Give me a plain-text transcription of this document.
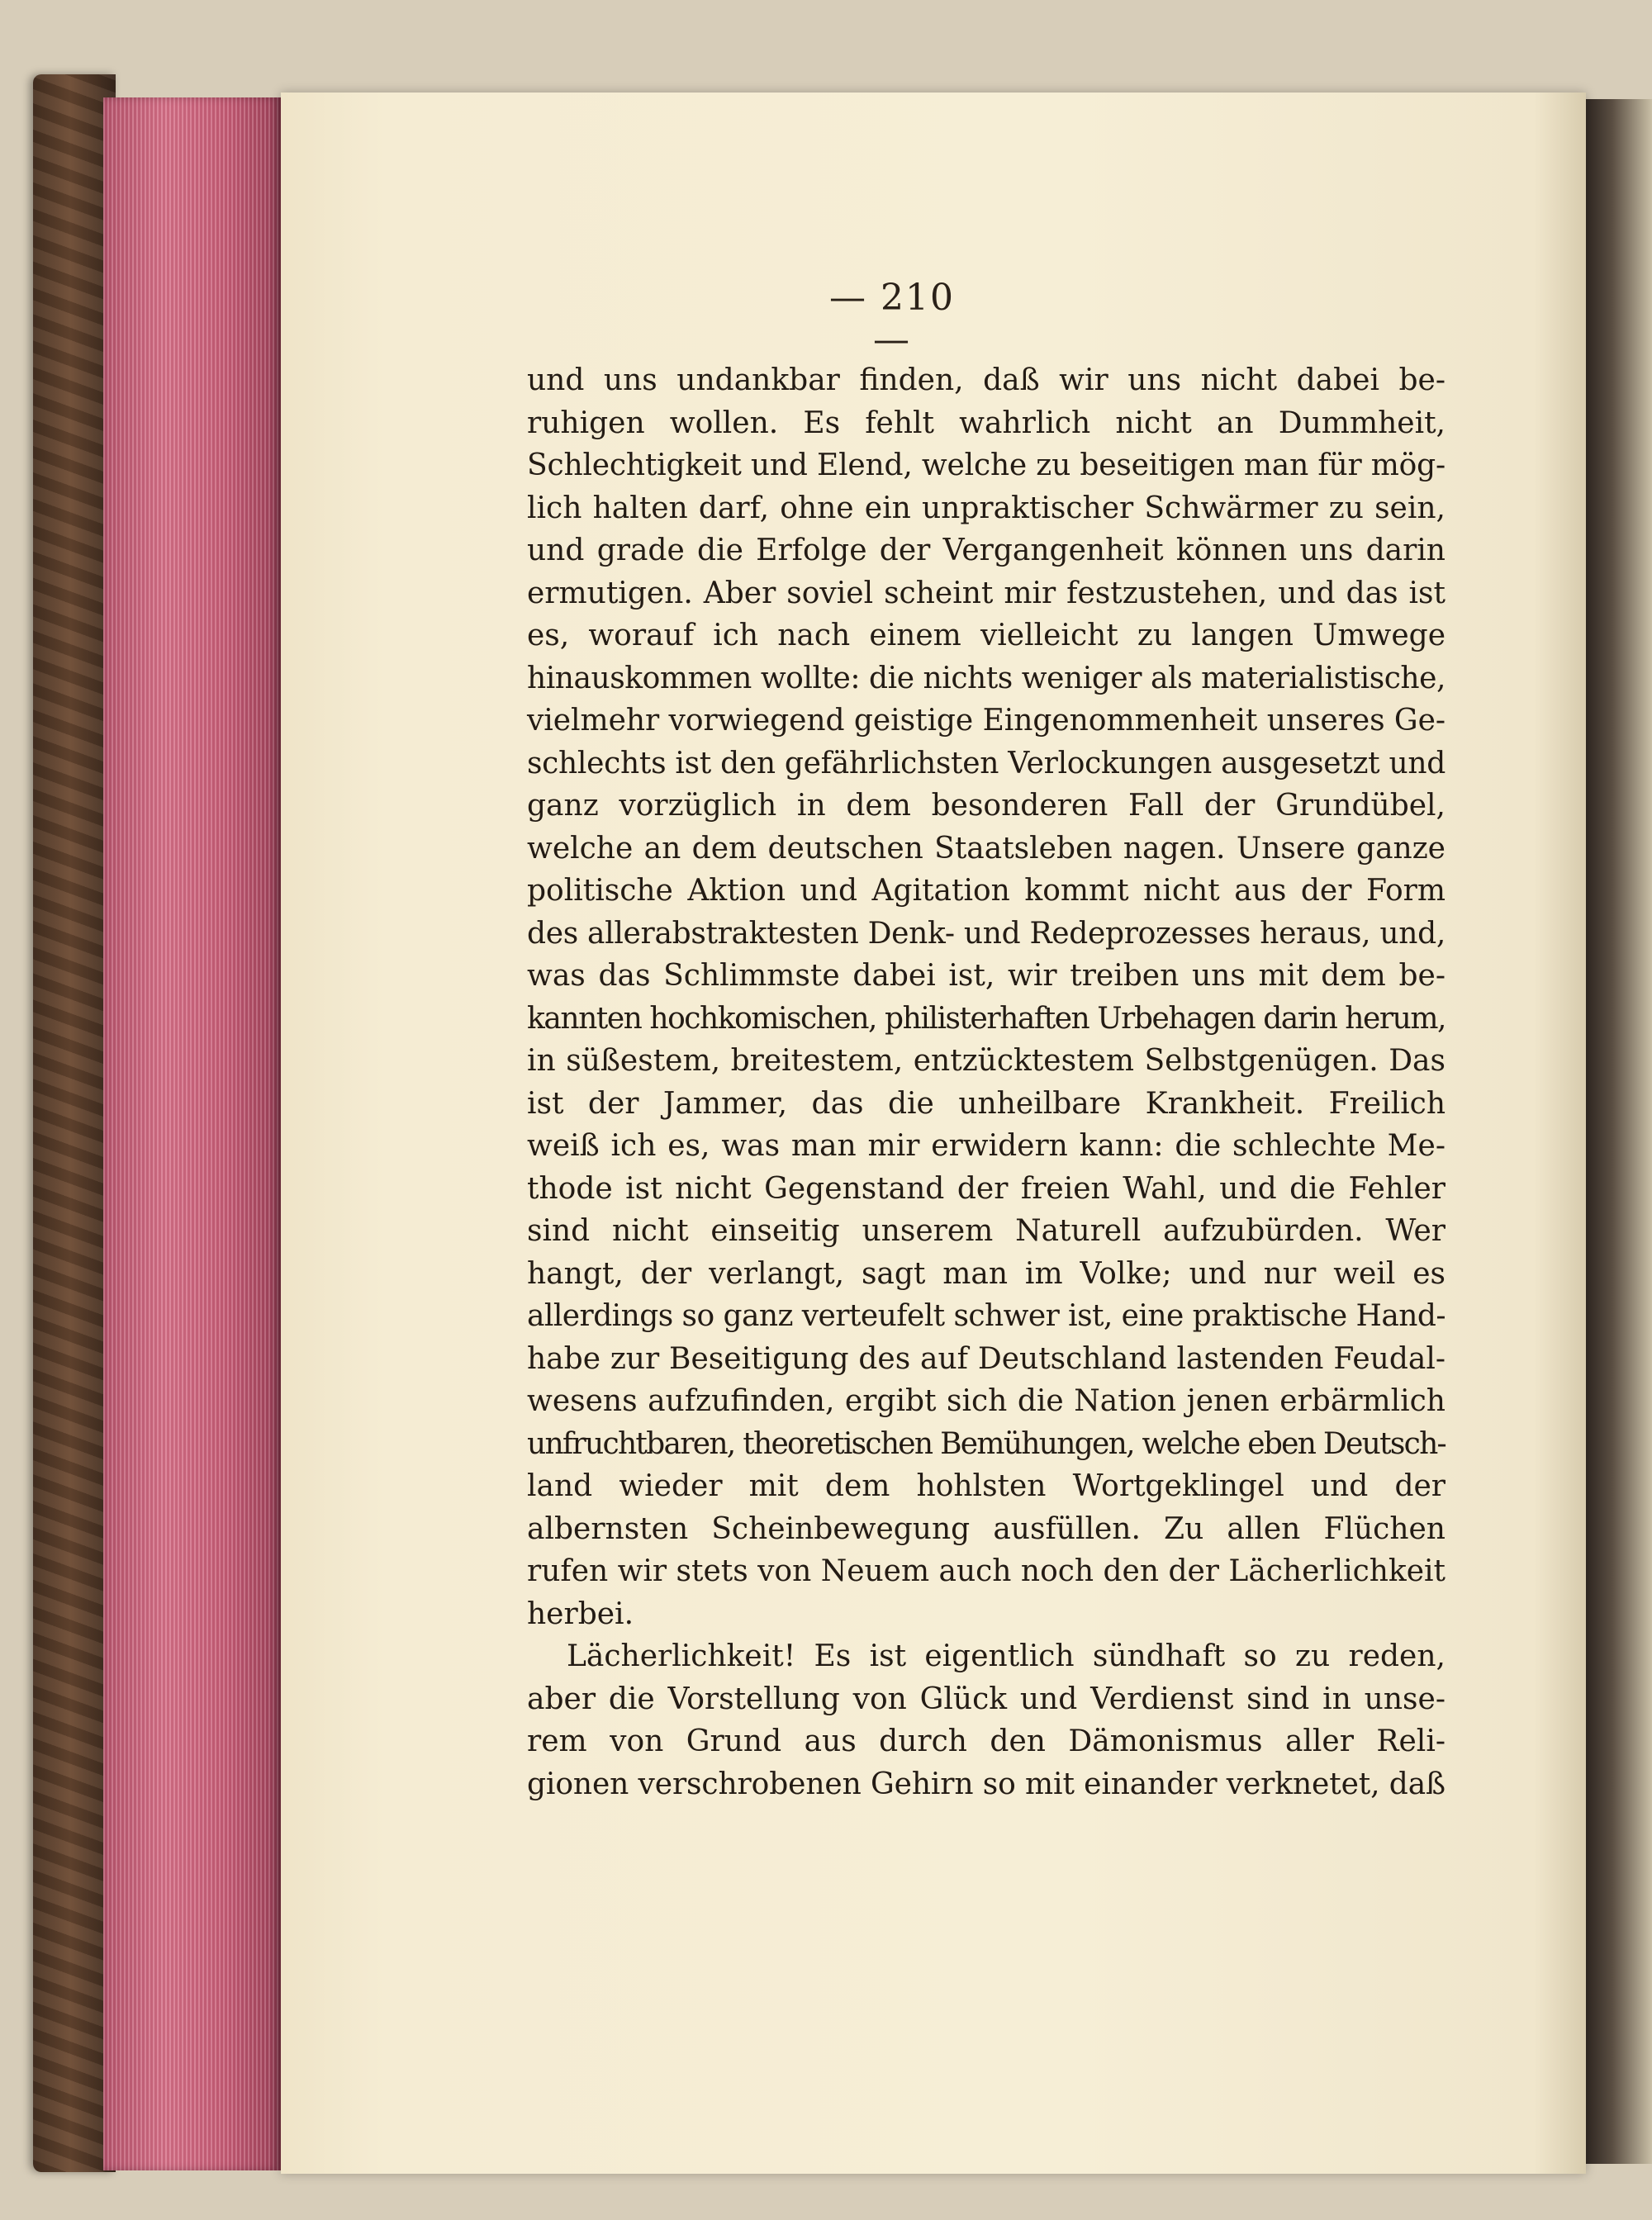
— 210 —
und uns undankbar finden, daß wir uns nicht dabei be-
ruhigen wollen. Es fehlt wahrlich nicht an Dummheit,
Schlechtigkeit und Elend, welche zu beseitigen man für mög-
lich halten darf, ohne ein unpraktischer Schwärmer zu sein,
und grade die Erfolge der Vergangenheit können uns darin
ermutigen. Aber soviel scheint mir festzustehen, und das ist
es, worauf ich nach einem vielleicht zu langen Umwege
hinauskommen wollte: die nichts weniger als materialistische,
vielmehr vorwiegend geistige Eingenommenheit unseres Ge-
schlechts ist den gefährlichsten Verlockungen ausgesetzt und
ganz vorzüglich in dem besonderen Fall der Grundübel,
welche an dem deutschen Staatsleben nagen. Unsere ganze
politische Aktion und Agitation kommt nicht aus der Form
des allerabstraktesten Denk- und Redeprozesses heraus, und,
was das Schlimmste dabei ist, wir treiben uns mit dem be-
kannten hochkomischen, philisterhaften Urbehagen darin herum,
in süßestem, breitestem, entzücktestem Selbstgenügen. Das
ist der Jammer, das die unheilbare Krankheit. Freilich
weiß ich es, was man mir erwidern kann: die schlechte Me-
thode ist nicht Gegenstand der freien Wahl, und die Fehler
sind nicht einseitig unserem Naturell aufzubürden. Wer
hangt, der verlangt, sagt man im Volke; und nur weil es
allerdings so ganz verteufelt schwer ist, eine praktische Hand-
habe zur Beseitigung des auf Deutschland lastenden Feudal-
wesens aufzufinden, ergibt sich die Nation jenen erbärmlich
unfruchtbaren, theoretischen Bemühungen, welche eben Deutsch-
land wieder mit dem hohlsten Wortgeklingel und der
albernsten Scheinbewegung ausfüllen. Zu allen Flüchen
rufen wir stets von Neuem auch noch den der Lächerlichkeit
herbei.
Lächerlichkeit! Es ist eigentlich sündhaft so zu reden,
aber die Vorstellung von Glück und Verdienst sind in unse-
rem von Grund aus durch den Dämonismus aller Reli-
gionen verschrobenen Gehirn so mit einander verknetet, daß
